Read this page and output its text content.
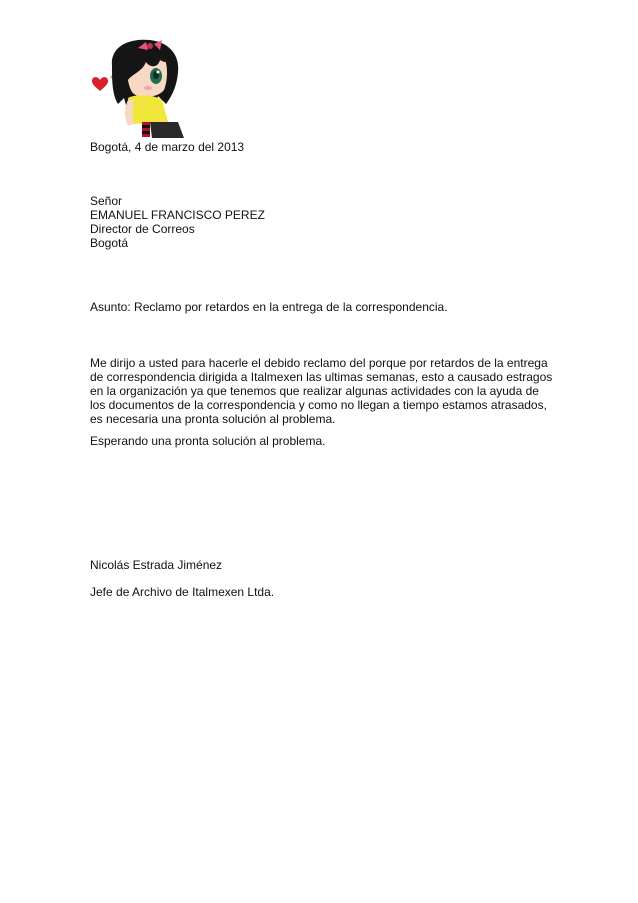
Bogotá, 4 de marzo del 2013
Señor
EMANUEL FRANCISCO PEREZ
Director de Correos
Bogotá
Asunto: Reclamo por retardos en la entrega de la correspondencia.
Me dirijo a usted para hacerle el debido reclamo del porque por retardos de la entrega
de correspondencia dirigida a Italmexen las ultimas semanas, esto a causado estragos
en la organización ya que tenemos que realizar algunas actividades con la ayuda de
los documentos de la correspondencia y como no llegan a tiempo estamos atrasados,
es necesaria una pronta solución al problema.
Esperando una pronta solución al problema.
Nicolás Estrada Jiménez
Jefe de Archivo de Italmexen Ltda.
